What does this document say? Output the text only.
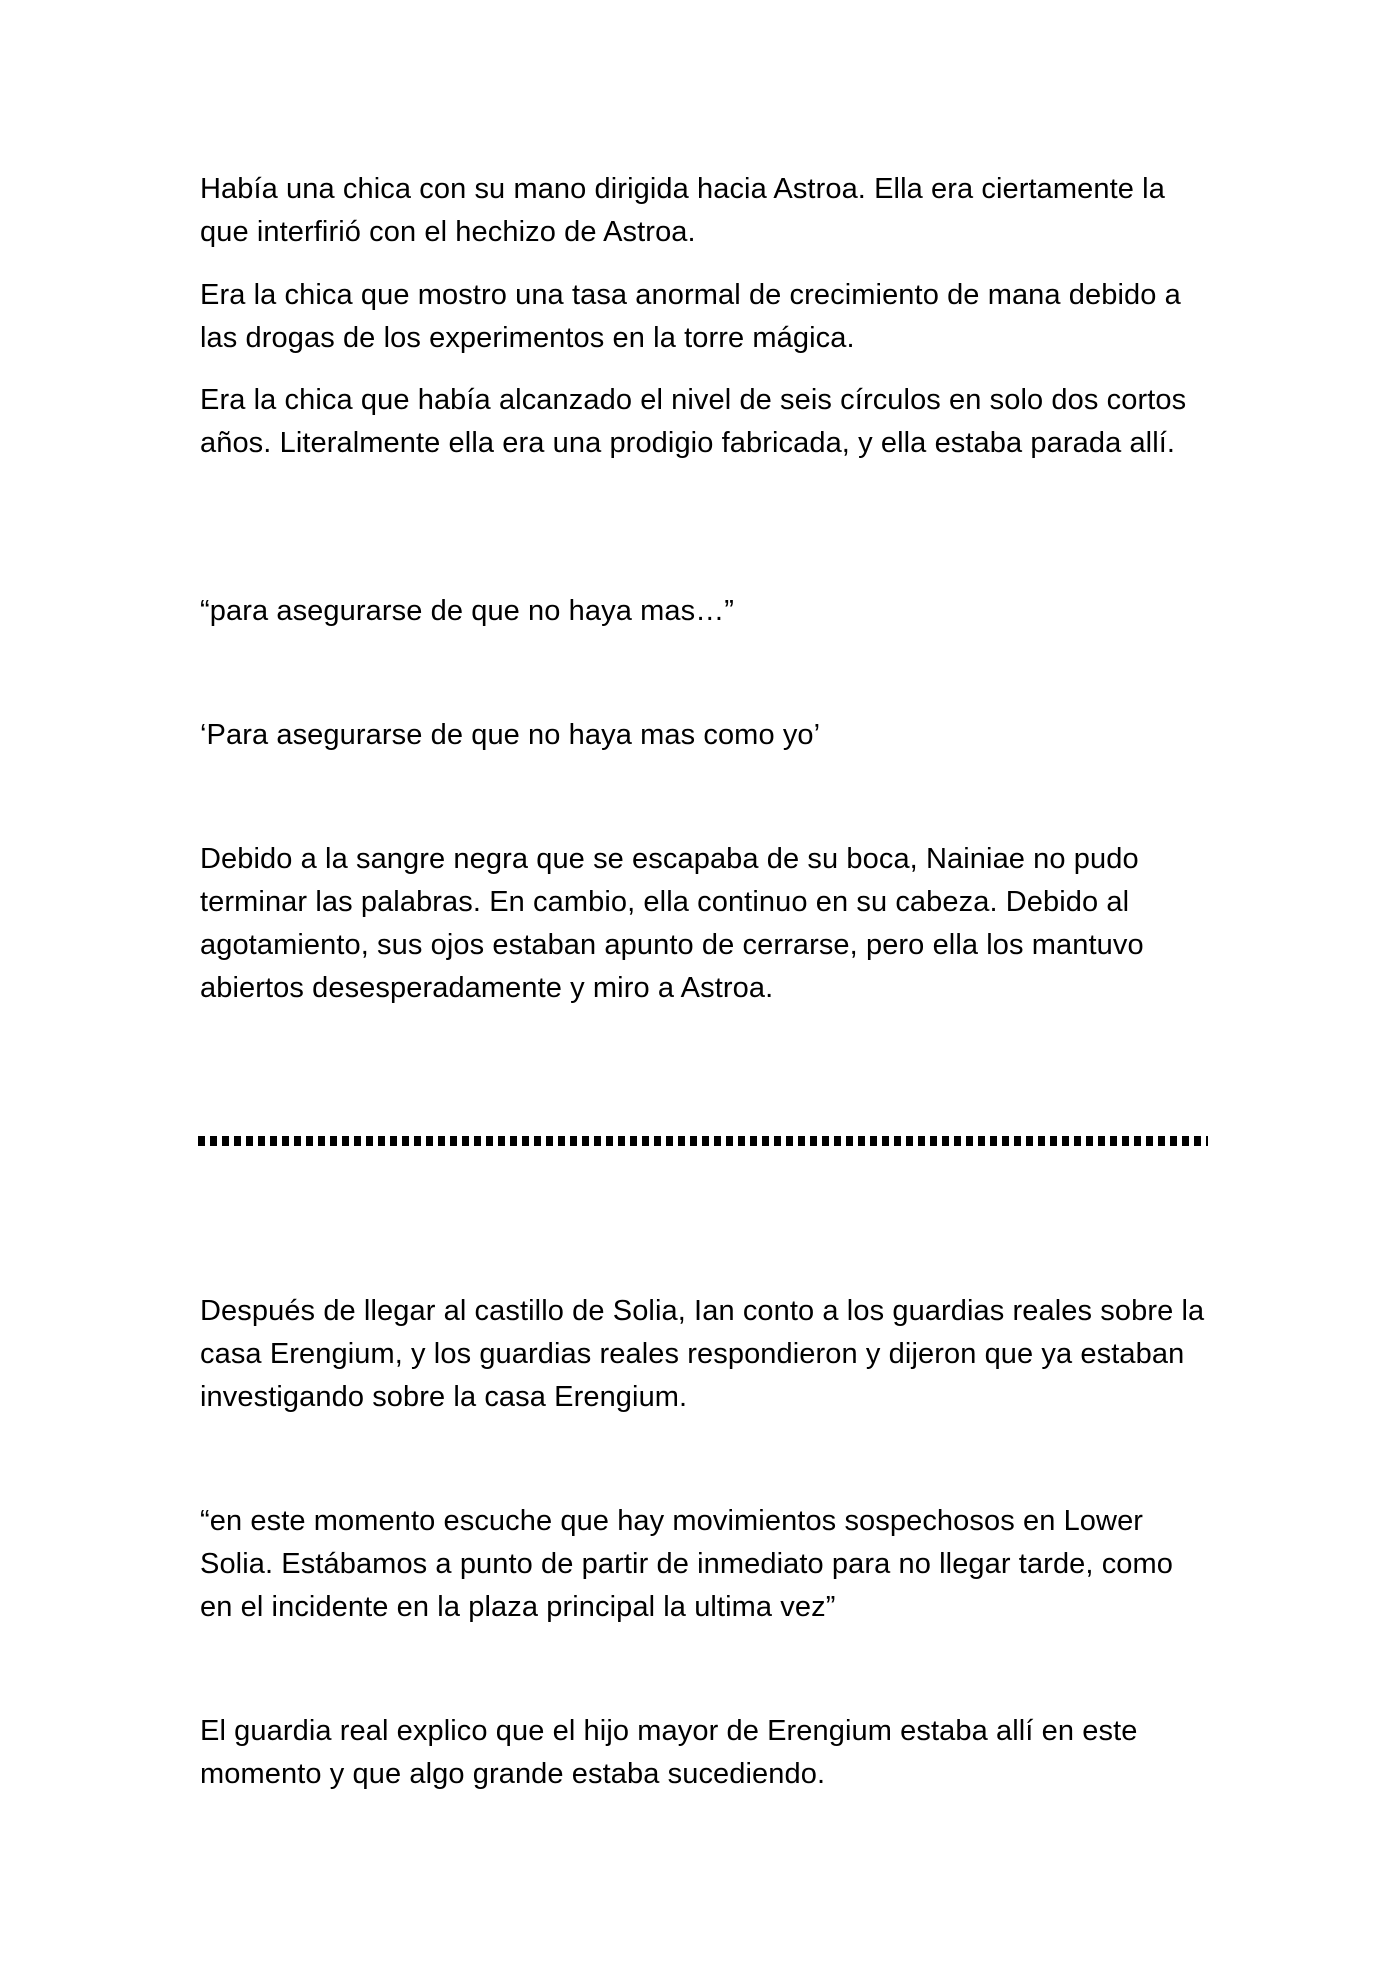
Había una chica con su mano dirigida hacia Astroa. Ella era ciertamente la que interfirió con el hechizo de Astroa.

Era la chica que mostro una tasa anormal de crecimiento de mana debido a las drogas de los experimentos en la torre mágica.

Era la chica que había alcanzado el nivel de seis círculos en solo dos cortos años. Literalmente ella era una prodigio fabricada, y ella estaba parada allí.

“para asegurarse de que no haya mas…”

‘Para asegurarse de que no haya mas como yo’

Debido a la sangre negra que se escapaba de su boca, Nainiae no pudo terminar las palabras. En cambio, ella continuo en su cabeza. Debido al agotamiento, sus ojos estaban apunto de cerrarse, pero ella los mantuvo abiertos desesperadamente y miro a Astroa.

Después de llegar al castillo de Solia, Ian conto a los guardias reales sobre la casa Erengium, y los guardias reales respondieron y dijeron que ya estaban investigando sobre la casa Erengium.

“en este momento escuche que hay movimientos sospechosos en Lower Solia. Estábamos a punto de partir de inmediato para no llegar tarde, como en el incidente en la plaza principal la ultima vez”

El guardia real explico que el hijo mayor de Erengium estaba allí en este momento y que algo grande estaba sucediendo.
